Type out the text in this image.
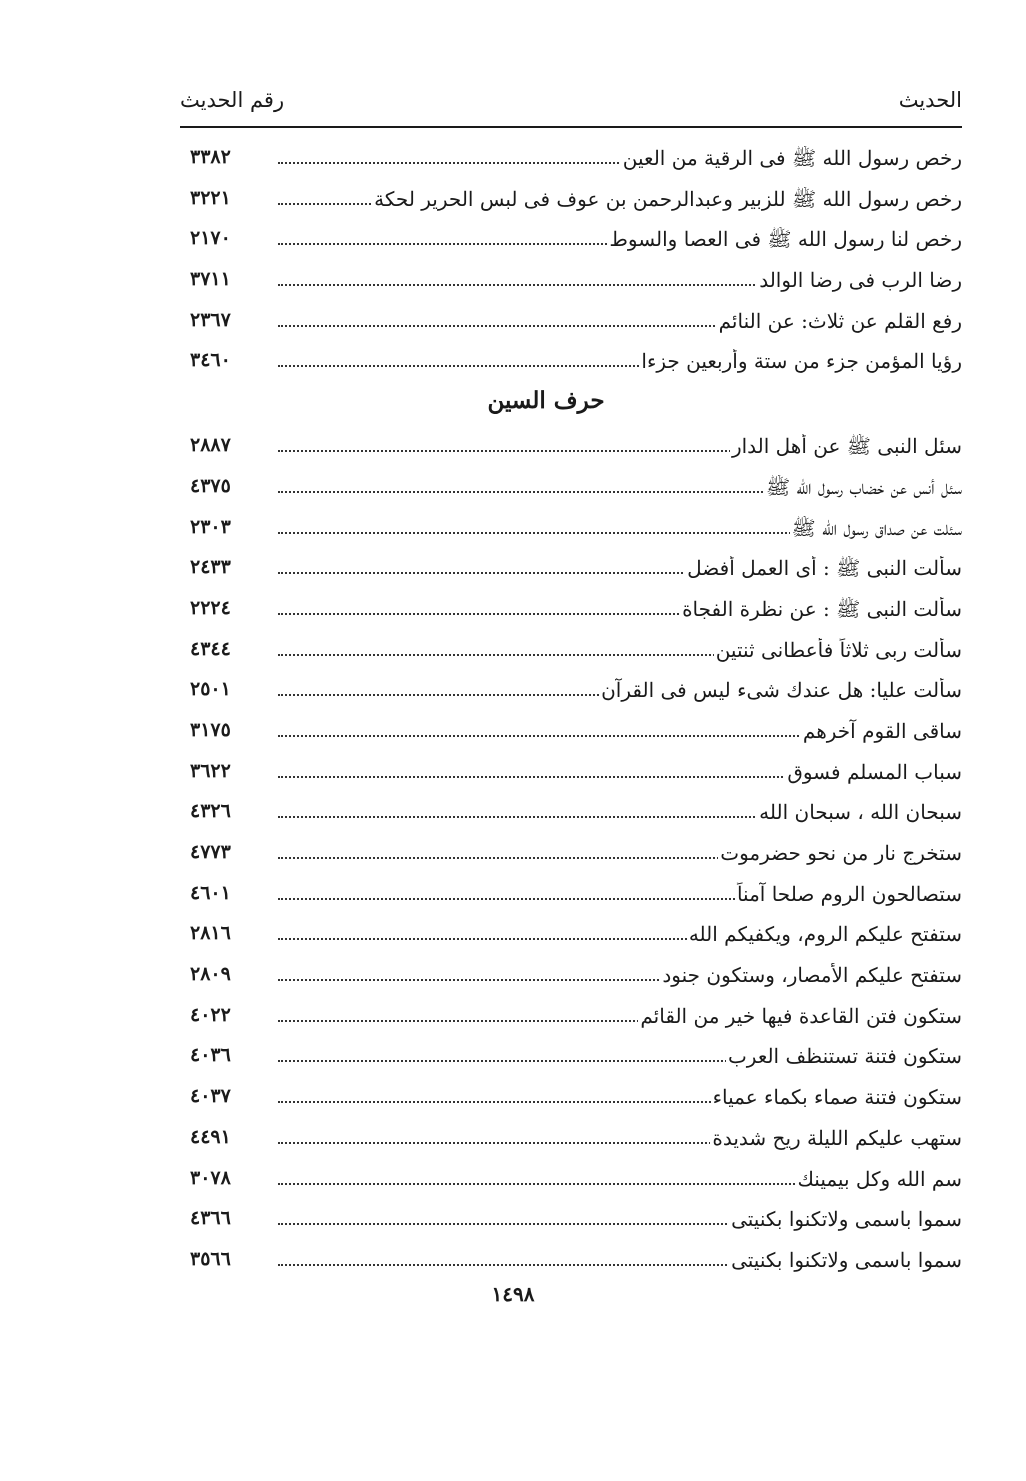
الحديث
رقم الحديث
رخص رسول الله ﷺ فى الرقية من العين
٣٣٨٢
رخص رسول الله ﷺ للزبير وعبدالرحمن بن عوف فى لبس الحرير لحكة
٣٢٢١
رخص لنا رسول الله ﷺ فى العصا والسوط
٢١٧٠
رضا الرب فى رضا الوالد
٣٧١١
رفع القلم عن ثلاث: عن النائم
٢٣٦٧
رؤيا المؤمن جزء من ستة وأربعين جزءا
٣٤٦٠
حرف السين
سئل النبى ﷺ عن أهل الدار
٢٨٨٧
سئل أنس عن خضاب رسول الله ﷺ
٤٣٧٥
سئلت عن صداق رسول الله ﷺ
٢٣٠٣
سألت النبى ﷺ : أى العمل أفضل
٢٤٣٣
سألت النبى ﷺ : عن نظرة الفجاة
٢٢٢٤
سألت ربى ثلاثاً فأعطانى ثنتين
٤٣٤٤
سألت عليا: هل عندك شىء ليس فى القرآن
٢٥٠١
ساقى القوم آخرهم
٣١٧٥
سباب المسلم فسوق
٣٦٢٢
سبحان الله ، سبحان الله
٤٣٢٦
ستخرج نار من نحو حضرموت
٤٧٧٣
ستصالحون الروم صلحا آمناً
٤٦٠١
ستفتح عليكم الروم، ويكفيكم الله
٢٨١٦
ستفتح عليكم الأمصار، وستكون جنود
٢٨٠٩
ستكون فتن القاعدة فيها خير من القائم
٤٠٢٢
ستكون فتنة تستنظف العرب
٤٠٣٦
ستكون فتنة صماء بكماء عمياء
٤٠٣٧
ستهب عليكم الليلة ريح شديدة
٤٤٩١
سم الله وكل بيمينك
٣٠٧٨
سموا باسمى ولاتكنوا بكنيتى
٤٣٦٦
سموا باسمى ولاتكنوا بكنيتى
٣٥٦٦
١٤٩٨
